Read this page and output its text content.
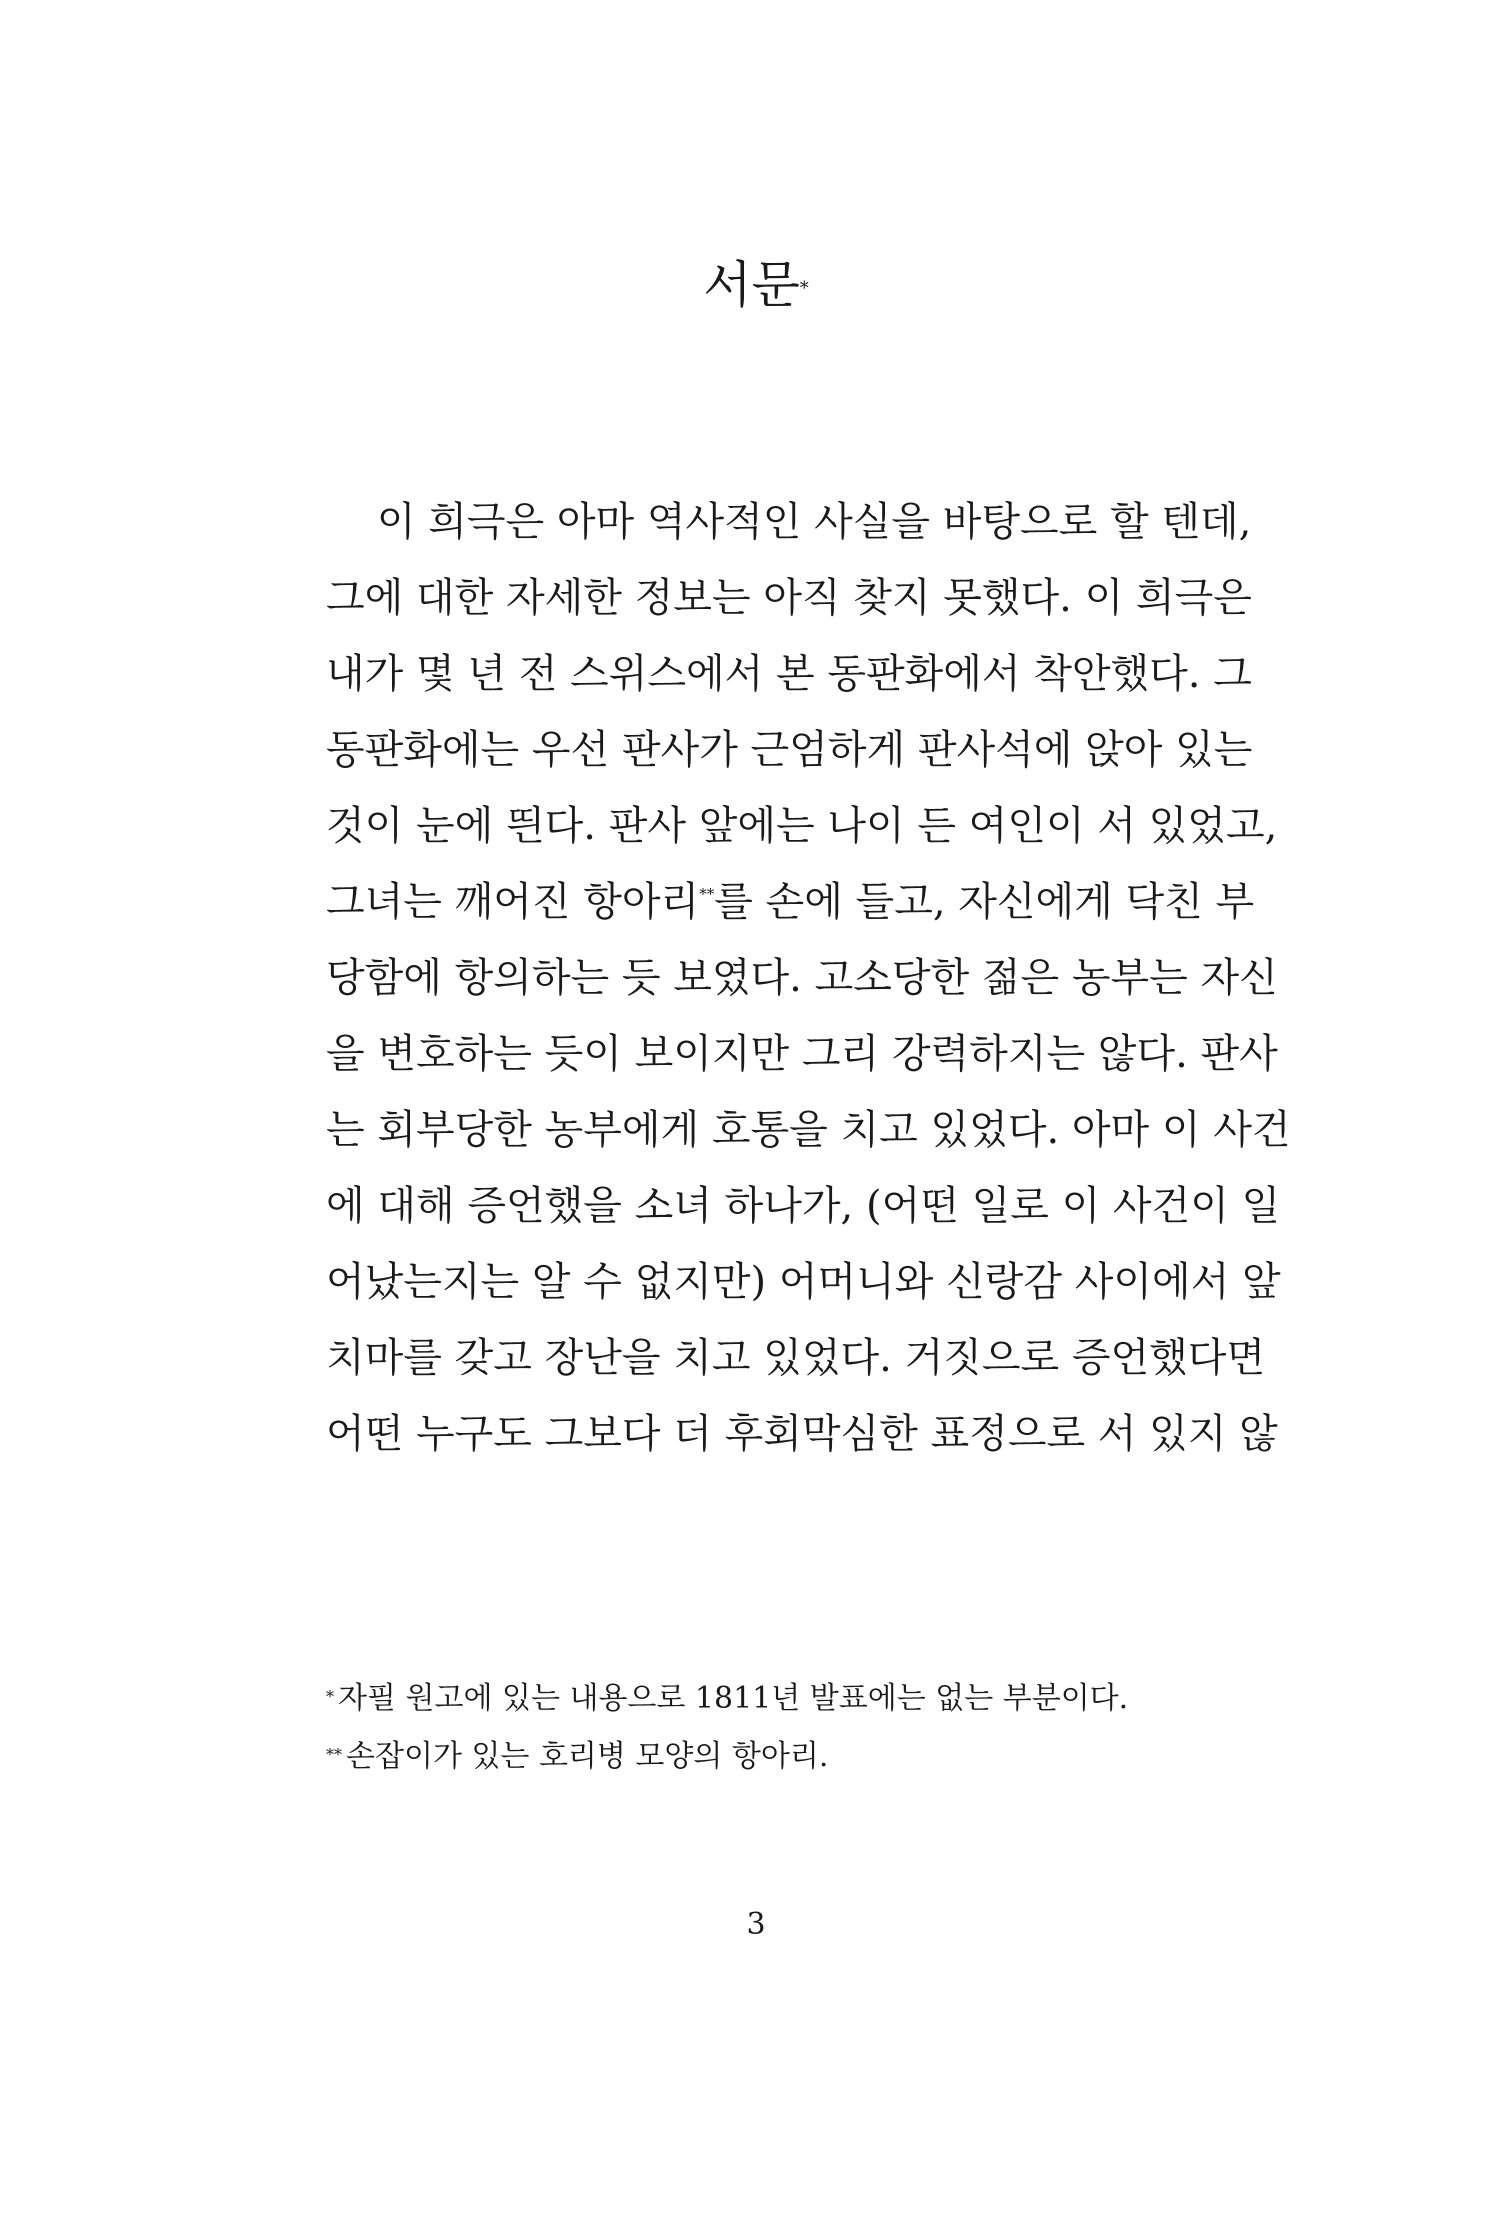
서문*
이 희극은 아마 역사적인 사실을 바탕으로 할 텐데,
그에 대한 자세한 정보는 아직 찾지 못했다. 이 희극은
내가 몇 년 전 스위스에서 본 동판화에서 착안했다. 그
동판화에는 우선 판사가 근엄하게 판사석에 앉아 있는
것이 눈에 띈다. 판사 앞에는 나이 든 여인이 서 있었고,
그녀는 깨어진 항아리**를 손에 들고, 자신에게 닥친 부
당함에 항의하는 듯 보였다. 고소당한 젊은 농부는 자신
을 변호하는 듯이 보이지만 그리 강력하지는 않다. 판사
는 회부당한 농부에게 호통을 치고 있었다. 아마 이 사건
에 대해 증언했을 소녀 하나가, (어떤 일로 이 사건이 일
어났는지는 알 수 없지만) 어머니와 신랑감 사이에서 앞
치마를 갖고 장난을 치고 있었다. 거짓으로 증언했다면
어떤 누구도 그보다 더 후회막심한 표정으로 서 있지 않
* 자필 원고에 있는 내용으로 1811년 발표에는 없는 부분이다.
** 손잡이가 있는 호리병 모양의 항아리.
3
